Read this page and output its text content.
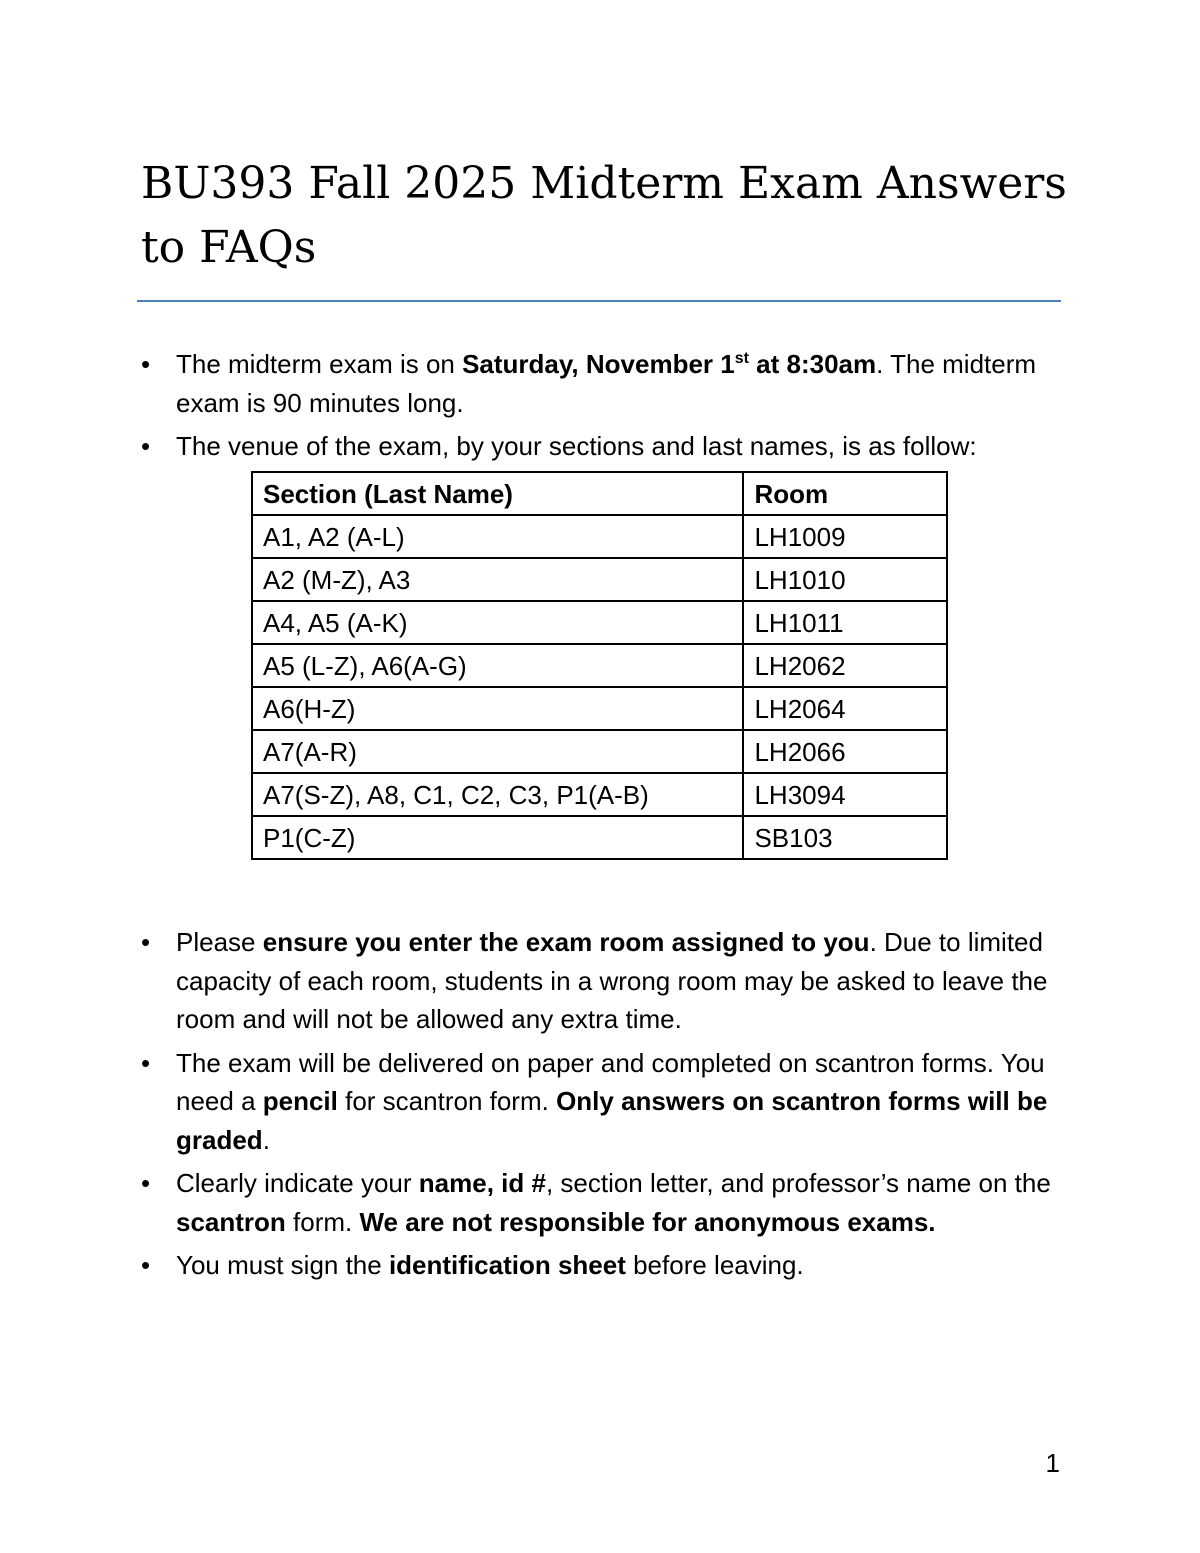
BU393 Fall 2025 Midterm Exam Answers to FAQs
• The midterm exam is on Saturday, November 1st at 8:30am. The midterm exam is 90 minutes long.
• The venue of the exam, by your sections and last names, is as follow:
Section (Last Name)	Room
A1, A2 (A-L)	LH1009
A2 (M-Z), A3	LH1010
A4, A5 (A-K)	LH1011
A5 (L-Z), A6(A-G)	LH2062
A6(H-Z)	LH2064
A7(A-R)	LH2066
A7(S-Z), A8, C1, C2, C3, P1(A-B)	LH3094
P1(C-Z)	SB103
• Please ensure you enter the exam room assigned to you. Due to limited capacity of each room, students in a wrong room may be asked to leave the room and will not be allowed any extra time.
• The exam will be delivered on paper and completed on scantron forms. You need a pencil for scantron form. Only answers on scantron forms will be graded.
• Clearly indicate your name, id #, section letter, and professor’s name on the scantron form. We are not responsible for anonymous exams.
• You must sign the identification sheet before leaving.
1
